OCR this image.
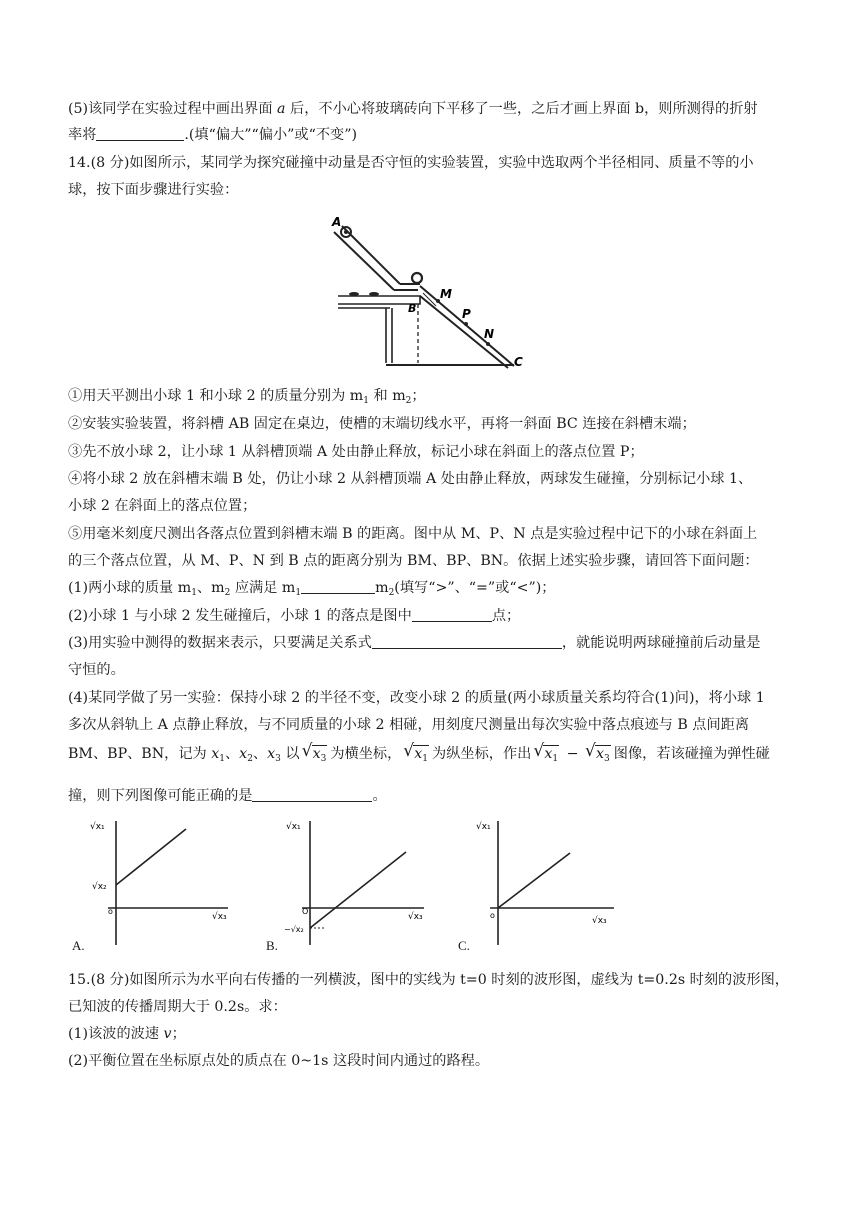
(5)该同学在实验过程中画出界面 a 后，不小心将玻璃砖向下平移了一些，之后才画上界面 b，则所测得的折射
率将	.(填“偏大”“偏小”或“不变”)
14.(8 分)如图所示，某同学为探究碰撞中动量是否守恒的实验装置，实验中选取两个半径相同、质量不等的小
球，按下面步骤进行实验：
A
B
M
P
N
C
①用天平测出小球 1 和小球 2 的质量分别为 $m_1$ 和 $m_2$；
②安装实验装置，将斜槽 AB 固定在桌边，使槽的末端切线水平，再将一斜面 BC 连接在斜槽末端；
③先不放小球 2，让小球 1 从斜槽顶端 A 处由静止释放，标记小球在斜面上的落点位置 P；
④将小球 2 放在斜槽末端 B 处，仍让小球 2 从斜槽顶端 A 处由静止释放，两球发生碰撞，分别标记小球 1、
小球 2 在斜面上的落点位置；
⑤用毫米刻度尺测出各落点位置到斜槽末端 B 的距离。图中从 M、P、N 点是实验过程中记下的小球在斜面上
的三个落点位置，从 M、P、N 到 B 点的距离分别为 BM、BP、BN。依据上述实验步骤，请回答下面问题：
(1)两小球的质量 $m_1$、$m_2$ 应满足 $m_1$	$m_2$(填写“>”、“=”或“<”)；
(2)小球 1 与小球 2 发生碰撞后，小球 1 的落点是图中	点；
(3)用实验中测得的数据来表示，只要满足关系式	，就能说明两球碰撞前后动量是
守恒的。
(4)某同学做了另一实验：保持小球 2 的半径不变，改变小球 2 的质量(两小球质量关系均符合(1)问)，将小球 1
多次从斜轨上 A 点静止释放，与不同质量的小球 2 相碰，用刻度尺测量出每次实验中落点痕迹与 B 点间距离
BM、BP、BN，记为 $x_1$、$x_2$、$x_3$ 以 √ $x_3$ 为横坐标， √ $x_1$ 为纵坐标，作出 √ $x_1$ − √ $x_3$ 图像，若该碰撞为弹性碰
撞，则下列图像可能正确的是	。
√x₁
√x₂
o
√x₃
A.
√x₁
−√x₂
O
√x₃
B.
√x₁
o
√x₃
C.
15.(8 分)如图所示为水平向右传播的一列横波，图中的实线为 t=0 时刻的波形图，虚线为 t=0.2s 时刻的波形图，
已知波的传播周期大于 0.2s。求：
(1)该波的波速 v；
(2)平衡位置在坐标原点处的质点在 0~1s 这段时间内通过的路程。
